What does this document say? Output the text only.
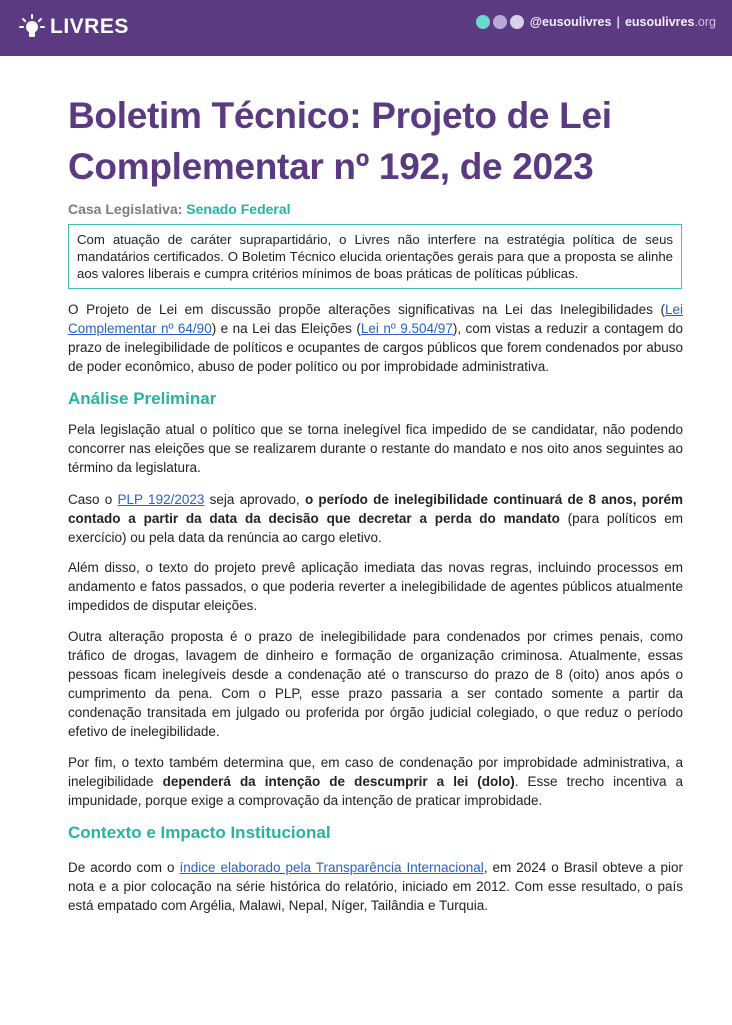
LIVRES	@eusoulivres | eusoulivres.org
Boletim Técnico: Projeto de Lei Complementar nº 192, de 2023
Casa Legislativa: Senado Federal
Com atuação de caráter suprapartidário, o Livres não interfere na estratégia política de seus mandatários certificados. O Boletim Técnico elucida orientações gerais para que a proposta se alinhe aos valores liberais e cumpra critérios mínimos de boas práticas de políticas públicas.

O Projeto de Lei em discussão propõe alterações significativas na Lei das Inelegibilidades (Lei Complementar nº 64/90) e na Lei das Eleições (Lei nº 9.504/97), com vistas a reduzir a contagem do prazo de inelegibilidade de políticos e ocupantes de cargos públicos que forem condenados por abuso de poder econômico, abuso de poder político ou por improbidade administrativa.

Análise Preliminar

Pela legislação atual o político que se torna inelegível fica impedido de se candidatar, não podendo concorrer nas eleições que se realizarem durante o restante do mandato e nos oito anos seguintes ao término da legislatura.

Caso o PLP 192/2023 seja aprovado, o período de inelegibilidade continuará de 8 anos, porém contado a partir da data da decisão que decretar a perda do mandato (para políticos em exercício) ou pela data da renúncia ao cargo eletivo.

Além disso, o texto do projeto prevê aplicação imediata das novas regras, incluindo processos em andamento e fatos passados, o que poderia reverter a inelegibilidade de agentes públicos atualmente impedidos de disputar eleições.

Outra alteração proposta é o prazo de inelegibilidade para condenados por crimes penais, como tráfico de drogas, lavagem de dinheiro e formação de organização criminosa. Atualmente, essas pessoas ficam inelegíveis desde a condenação até o transcurso do prazo de 8 (oito) anos após o cumprimento da pena. Com o PLP, esse prazo passaria a ser contado somente a partir da condenação transitada em julgado ou proferida por órgão judicial colegiado, o que reduz o período efetivo de inelegibilidade.

Por fim, o texto também determina que, em caso de condenação por improbidade administrativa, a inelegibilidade dependerá da intenção de descumprir a lei (dolo). Esse trecho incentiva a impunidade, porque exige a comprovação da intenção de praticar improbidade.

Contexto e Impacto Institucional

De acordo com o índice elaborado pela Transparência Internacional, em 2024 o Brasil obteve a pior nota e a pior colocação na série histórica do relatório, iniciado em 2012. Com esse resultado, o país está empatado com Argélia, Malawi, Nepal, Níger, Tailândia e Turquia.
